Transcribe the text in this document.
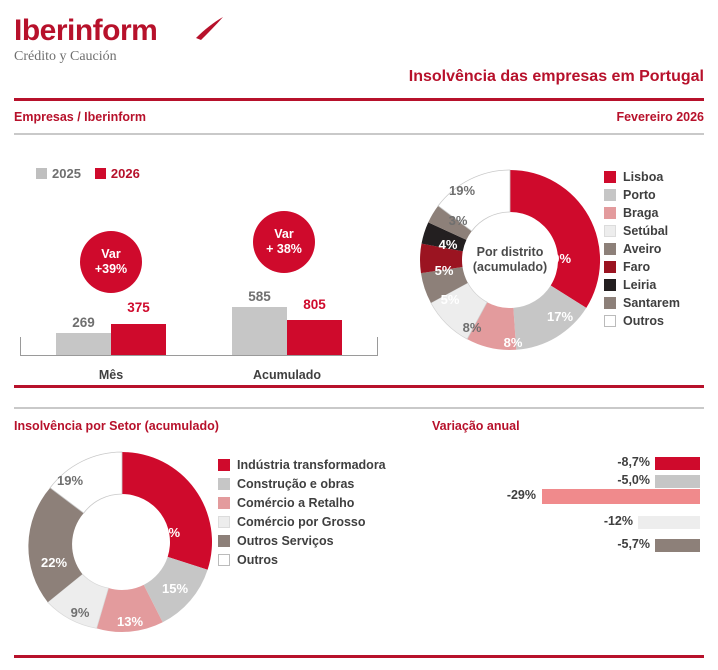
Iberinform
Crédito y Caución
Insolvência das empresas em Portugal
Empresas / Iberinform	Fevereiro 2026
2025 2026
269
375
Mês
585
805
Acumulado
Var
+39%
Var
+ 38%
30%
17%
8%
8%
5%
5%
4%
3%
19%
Por distrito
(acumulado)
Lisboa
Porto
Braga
Setúbal
Aveiro
Faro
Leiria
Santarem
Outros
Insolvência por Setor (acumulado)	Variação anual
22%
15%
13%
9%
22%
19%
Indústria transformadora
Construção e obras
Comércio a Retalho
Comércio por Grosso
Outros Serviços
Outros
-8,7%
-5,0%
-29%
-12%
-5,7%
